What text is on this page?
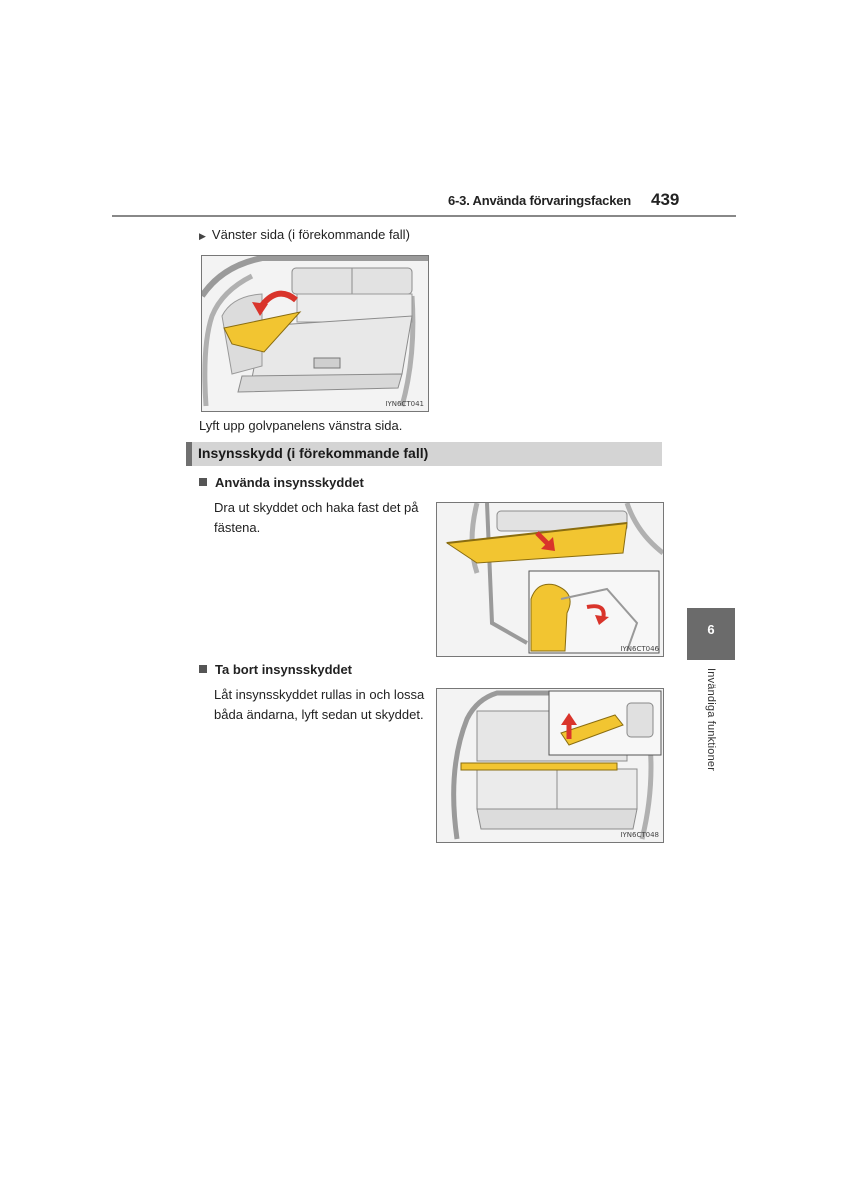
6-3. Använda förvaringsfacken 439
▶ Vänster sida (i förekommande fall)
IYN6CT041
Lyft upp golvpanelens vänstra sida.
Insynsskydd (i förekommande fall)
Använda insynsskyddet
Dra ut skyddet och haka fast det på
fästena.
IYN6CT046
Ta bort insynsskyddet
Låt insynsskyddet rullas in och lossa
båda ändarna, lyft sedan ut skyddet.
IYN6CT048
6
Invändiga funktioner
